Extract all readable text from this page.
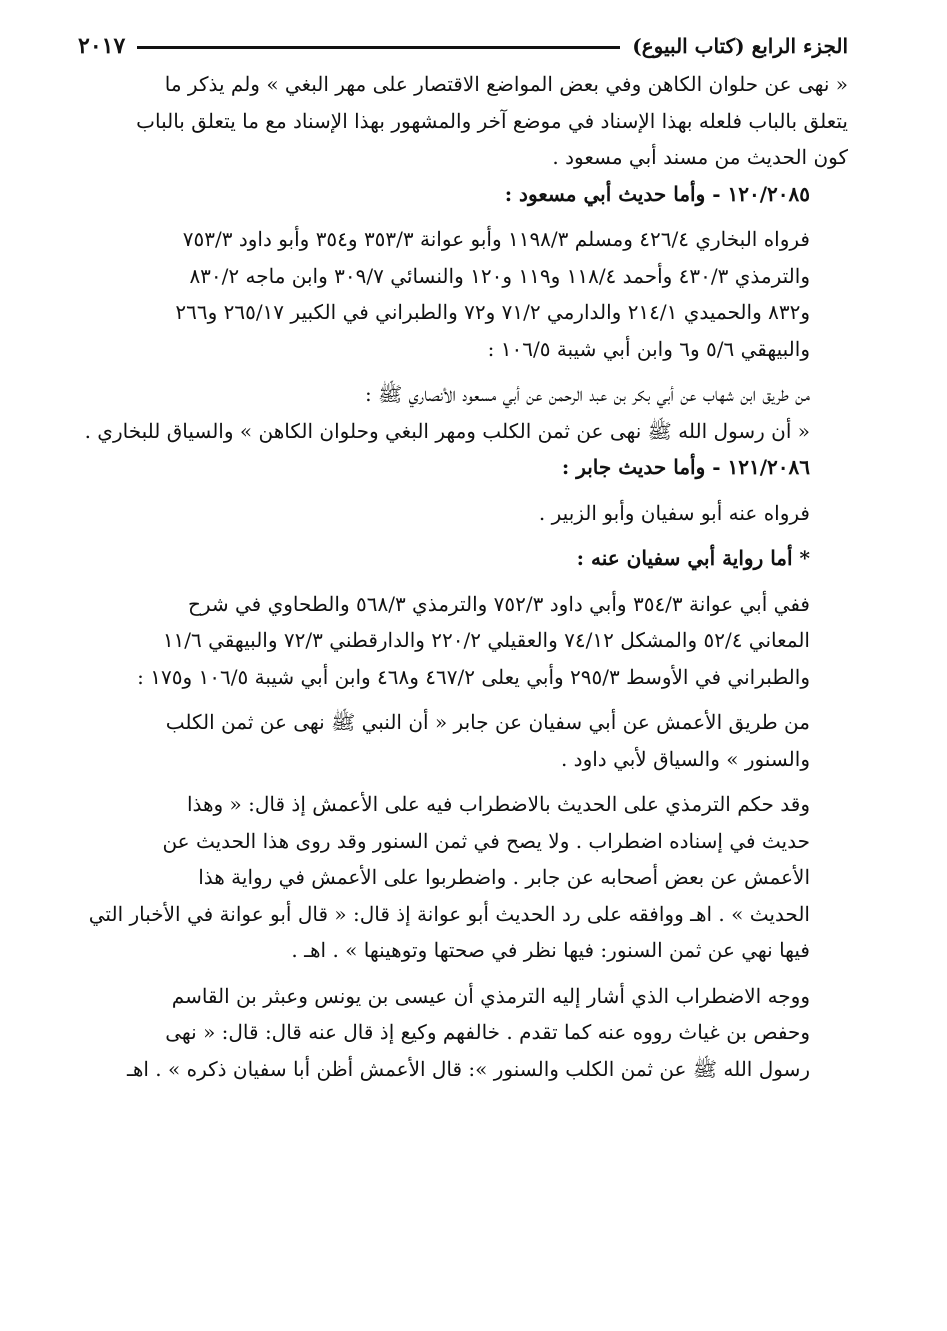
الجزء الرابع (كتاب البيوع)
٢٠١٧

« نهى عن حلوان الكاهن وفي بعض المواضع الاقتصار على مهر البغي » ولم يذكر ما
يتعلق بالباب فلعله بهذا الإسناد في موضع آخر والمشهور بهذا الإسناد مع ما يتعلق بالباب
كون الحديث من مسند أبي مسعود .

١٢٠/٢٠٨٥ - وأما حديث أبي مسعود :

فرواه البخاري ٤٢٦/٤ ومسلم ١١٩٨/٣ وأبو عوانة ٣٥٣/٣ و٣٥٤ وأبو داود ٧٥٣/٣
والترمذي ٤٣٠/٣ وأحمد ١١٨/٤ و١١٩ و١٢٠ والنسائي ٣٠٩/٧ وابن ماجه ٨٣٠/٢
و٨٣٢ والحميدي ٢١٤/١ والدارمي ٧١/٢ و٧٢ والطبراني في الكبير ٢٦٥/١٧ و٢٦٦
والبيهقي ٥/٦ و٦ وابن أبي شيبة ١٠٦/٥ :

من طريق ابن شهاب عن أبي بكر بن عبد الرحمن عن أبي مسعود الأنصاري ﷺ :
« أن رسول الله ﷺ نهى عن ثمن الكلب ومهر البغي وحلوان الكاهن » والسياق للبخاري .

١٢١/٢٠٨٦ - وأما حديث جابر :

فرواه عنه أبو سفيان وأبو الزبير .

* أما رواية أبي سفيان عنه :

ففي أبي عوانة ٣٥٤/٣ وأبي داود ٧٥٢/٣ والترمذي ٥٦٨/٣ والطحاوي في شرح
المعاني ٥٢/٤ والمشكل ٧٤/١٢ والعقيلي ٢٢٠/٢ والدارقطني ٧٢/٣ والبيهقي ١١/٦
والطبراني في الأوسط ٢٩٥/٣ وأبي يعلى ٤٦٧/٢ و٤٦٨ وابن أبي شيبة ١٠٦/٥ و١٧٥ :

من طريق الأعمش عن أبي سفيان عن جابر « أن النبي ﷺ نهى عن ثمن الكلب
والسنور » والسياق لأبي داود .

وقد حكم الترمذي على الحديث بالاضطراب فيه على الأعمش إذ قال: « وهذا
حديث في إسناده اضطراب . ولا يصح في ثمن السنور وقد روى هذا الحديث عن
الأعمش عن بعض أصحابه عن جابر . واضطربوا على الأعمش في رواية هذا
الحديث » . اهـ ووافقه على رد الحديث أبو عوانة إذ قال: « قال أبو عوانة في الأخبار التي
فيها نهي عن ثمن السنور: فيها نظر في صحتها وتوهينها » . اهـ .

ووجه الاضطراب الذي أشار إليه الترمذي أن عيسى بن يونس وعبثر بن القاسم
وحفص بن غياث رووه عنه كما تقدم . خالفهم وكيع إذ قال عنه قال: قال: « نهى
رسول الله ﷺ عن ثمن الكلب والسنور »: قال الأعمش أظن أبا سفيان ذكره » . اهـ
